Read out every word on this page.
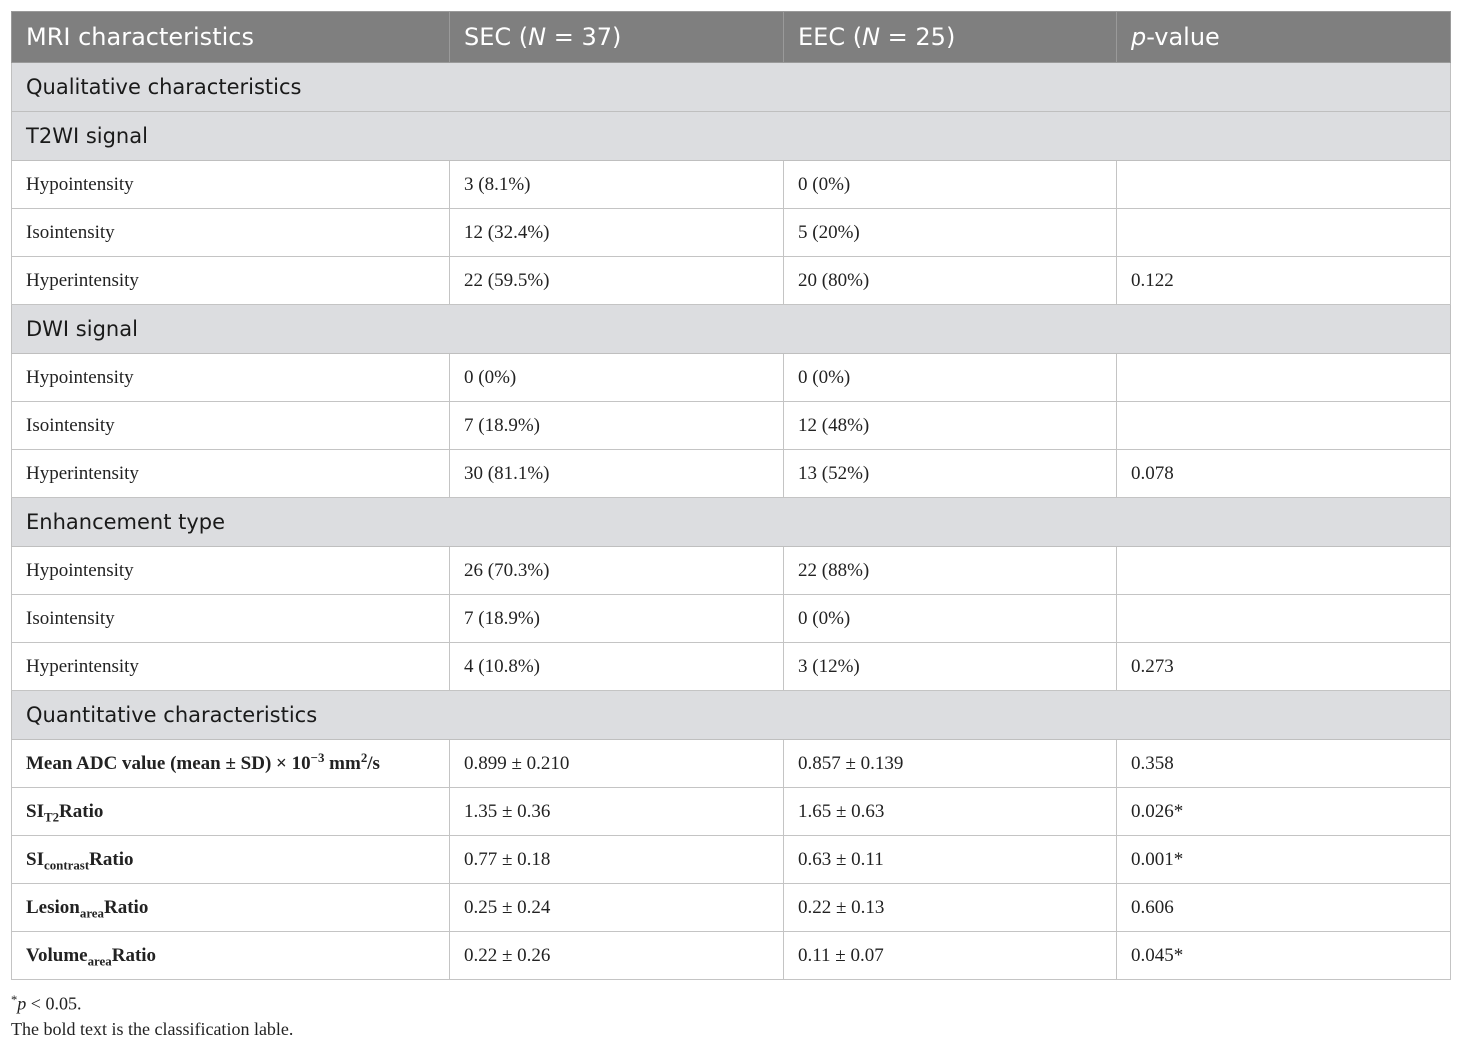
MRI characteristics	SEC (N = 37)	EEC (N = 25)	p-value
Qualitative characteristics			
T2WI signal			
Hypointensity	3 (8.1%)	0 (0%)	
Isointensity	12 (32.4%)	5 (20%)	
Hyperintensity	22 (59.5%)	20 (80%)	0.122
DWI signal			
Hypointensity	0 (0%)	0 (0%)	
Isointensity	7 (18.9%)	12 (48%)	
Hyperintensity	30 (81.1%)	13 (52%)	0.078
Enhancement type			
Hypointensity	26 (70.3%)	22 (88%)	
Isointensity	7 (18.9%)	0 (0%)	
Hyperintensity	4 (10.8%)	3 (12%)	0.273
Quantitative characteristics			
Mean ADC value (mean ± $SD) \times 10^{-3}$ $mm^2/s$	0.899 ± 0.210	0.857 ± 0.139	0.358
$SI_{T2}Ratio$	1.35 ± 0.36	1.65 ± 0.63	0.026*
$SI_{contrast}Ratio$	0.77 ± 0.18	0.63 ± 0.11	0.001*
Lesion$_{area}$Ratio	0.25 ± 0.24	0.22 ± 0.13	0.606
Volume$_{area}$Ratio	0.22 ± 0.26	0.11 ± 0.07	0.045*
*p < 0.05.
The bold text is the classification lable.
